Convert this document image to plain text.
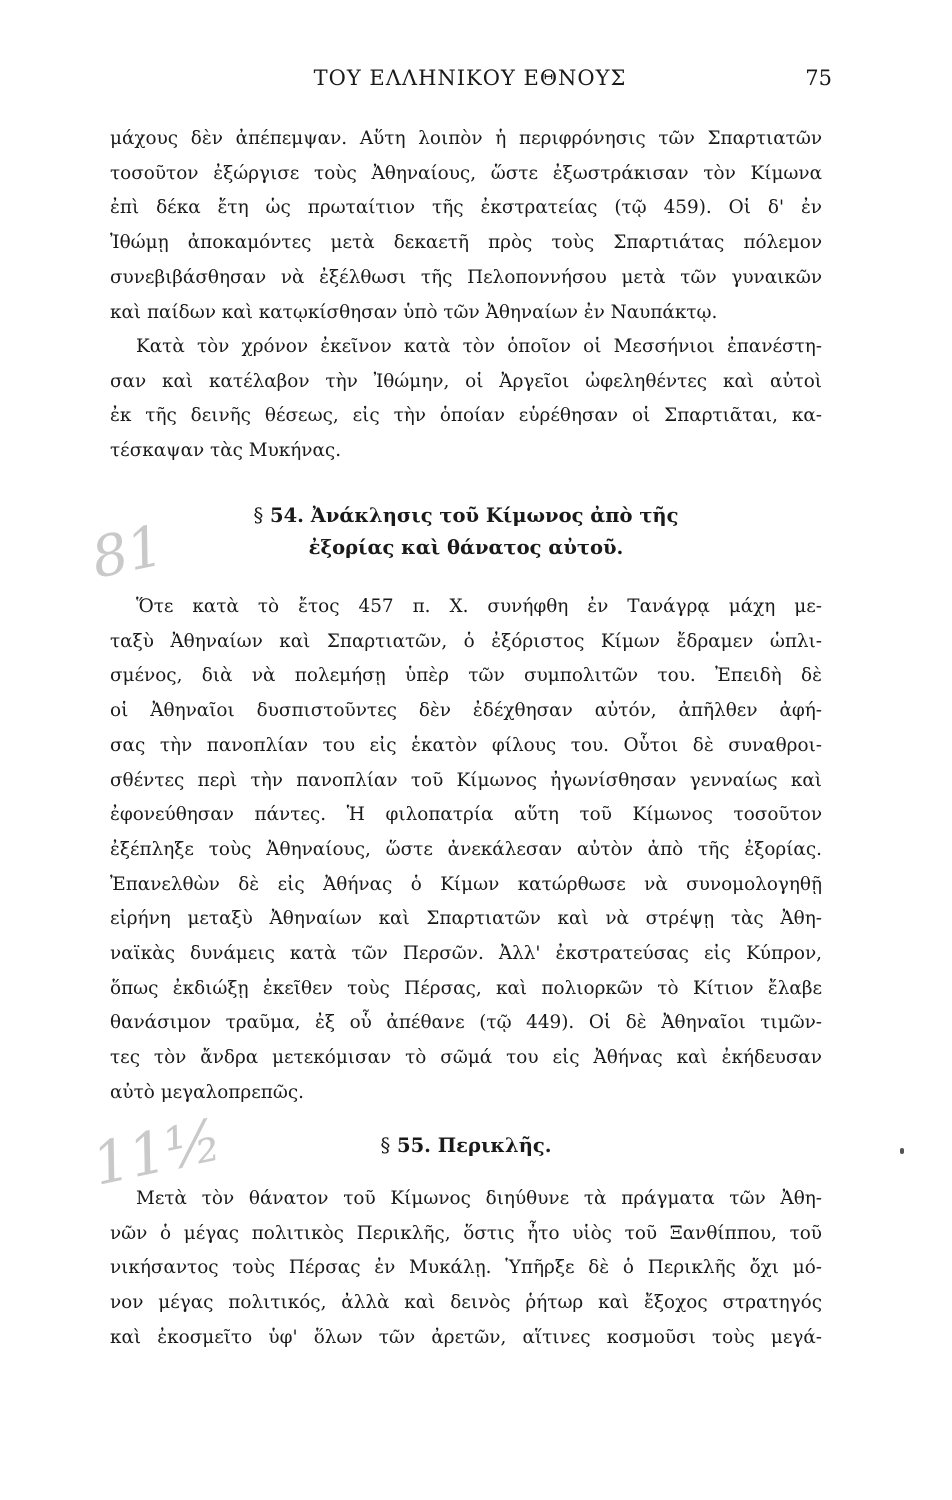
ΤΟΥ ΕΛΛΗΝΙΚΟΥ ΕΘΝΟΥΣ	75
μάχους δὲν ἀπέπεμψαν. Αὕτη λοιπὸν ἡ περιφρόνησις τῶν Σπαρτιατῶν
τοσοῦτον ἐξώργισε τοὺς Ἀθηναίους, ὥστε ἐξωστράκισαν τὸν Κίμωνα
ἐπὶ δέκα ἔτη ὡς πρωταίτιον τῆς ἐκστρατείας (τῷ 459). Οἱ δ' ἐν
Ἰθώμῃ ἀποκαμόντες μετὰ δεκαετῆ πρὸς τοὺς Σπαρτιάτας πόλεμον
συνεβιβάσθησαν νὰ ἐξέλθωσι τῆς Πελοποννήσου μετὰ τῶν γυναικῶν
καὶ παίδων καὶ κατῳκίσθησαν ὑπὸ τῶν Ἀθηναίων ἐν Ναυπάκτῳ.
Κατὰ τὸν χρόνον ἐκεῖνον κατὰ τὸν ὁποῖον οἱ Μεσσήνιοι ἐπανέστη-
σαν καὶ κατέλαβον τὴν Ἰθώμην, οἱ Ἀργεῖοι ὠφεληθέντες καὶ αὐτοὶ
ἐκ τῆς δεινῆς θέσεως, εἰς τὴν ὁποίαν εὑρέθησαν οἱ Σπαρτιᾶται, κα-
τέσκαψαν τὰς Μυκήνας.
§ 54. Ἀνάκλησις τοῦ Κίμωνος ἀπὸ τῆς
ἐξορίας καὶ θάνατος αὐτοῦ.
Ὅτε κατὰ τὸ ἔτος 457 π. Χ. συνήφθη ἐν Τανάγρᾳ μάχη με-
ταξὺ Ἀθηναίων καὶ Σπαρτιατῶν, ὁ ἐξόριστος Κίμων ἔδραμεν ὡπλι-
σμένος, διὰ νὰ πολεμήσῃ ὑπὲρ τῶν συμπολιτῶν του. Ἐπειδὴ δὲ
οἱ Ἀθηναῖοι δυσπιστοῦντες δὲν ἐδέχθησαν αὐτόν, ἀπῆλθεν ἀφή-
σας τὴν πανοπλίαν του εἰς ἑκατὸν φίλους του. Οὗτοι δὲ συναθροι-
σθέντες περὶ τὴν πανοπλίαν τοῦ Κίμωνος ἠγωνίσθησαν γενναίως καὶ
ἐφονεύθησαν πάντες. Ἡ φιλοπατρία αὕτη τοῦ Κίμωνος τοσοῦτον
ἐξέπληξε τοὺς Ἀθηναίους, ὥστε ἀνεκάλεσαν αὐτὸν ἀπὸ τῆς ἐξορίας.
Ἐπανελθὼν δὲ εἰς Ἀθήνας ὁ Κίμων κατώρθωσε νὰ συνομολογηθῇ
εἰρήνη μεταξὺ Ἀθηναίων καὶ Σπαρτιατῶν καὶ νὰ στρέψῃ τὰς Ἀθη-
ναϊκὰς δυνάμεις κατὰ τῶν Περσῶν. Ἀλλ' ἐκστρατεύσας εἰς Κύπρον,
ὅπως ἐκδιώξῃ ἐκεῖθεν τοὺς Πέρσας, καὶ πολιορκῶν τὸ Κίτιον ἔλαβε
θανάσιμον τραῦμα, ἐξ οὗ ἀπέθανε (τῷ 449). Οἱ δὲ Ἀθηναῖοι τιμῶν-
τες τὸν ἄνδρα μετεκόμισαν τὸ σῶμά του εἰς Ἀθήνας καὶ ἐκήδευσαν
αὐτὸ μεγαλοπρεπῶς.
§ 55. Περικλῆς.
Μετὰ τὸν θάνατον τοῦ Κίμωνος διηύθυνε τὰ πράγματα τῶν Ἀθη-
νῶν ὁ μέγας πολιτικὸς Περικλῆς, ὅστις ἦτο υἱὸς τοῦ Ξανθίππου, τοῦ
νικήσαντος τοὺς Πέρσας ἐν Μυκάλῃ. Ὑπῆρξε δὲ ὁ Περικλῆς ὄχι μό-
νον μέγας πολιτικός, ἀλλὰ καὶ δεινὸς ῥήτωρ καὶ ἔξοχος στρατηγός
καὶ ἐκοσμεῖτο ὑφ' ὅλων τῶν ἀρετῶν, αἵτινες κοσμοῦσι τοὺς μεγά-
81
11½
